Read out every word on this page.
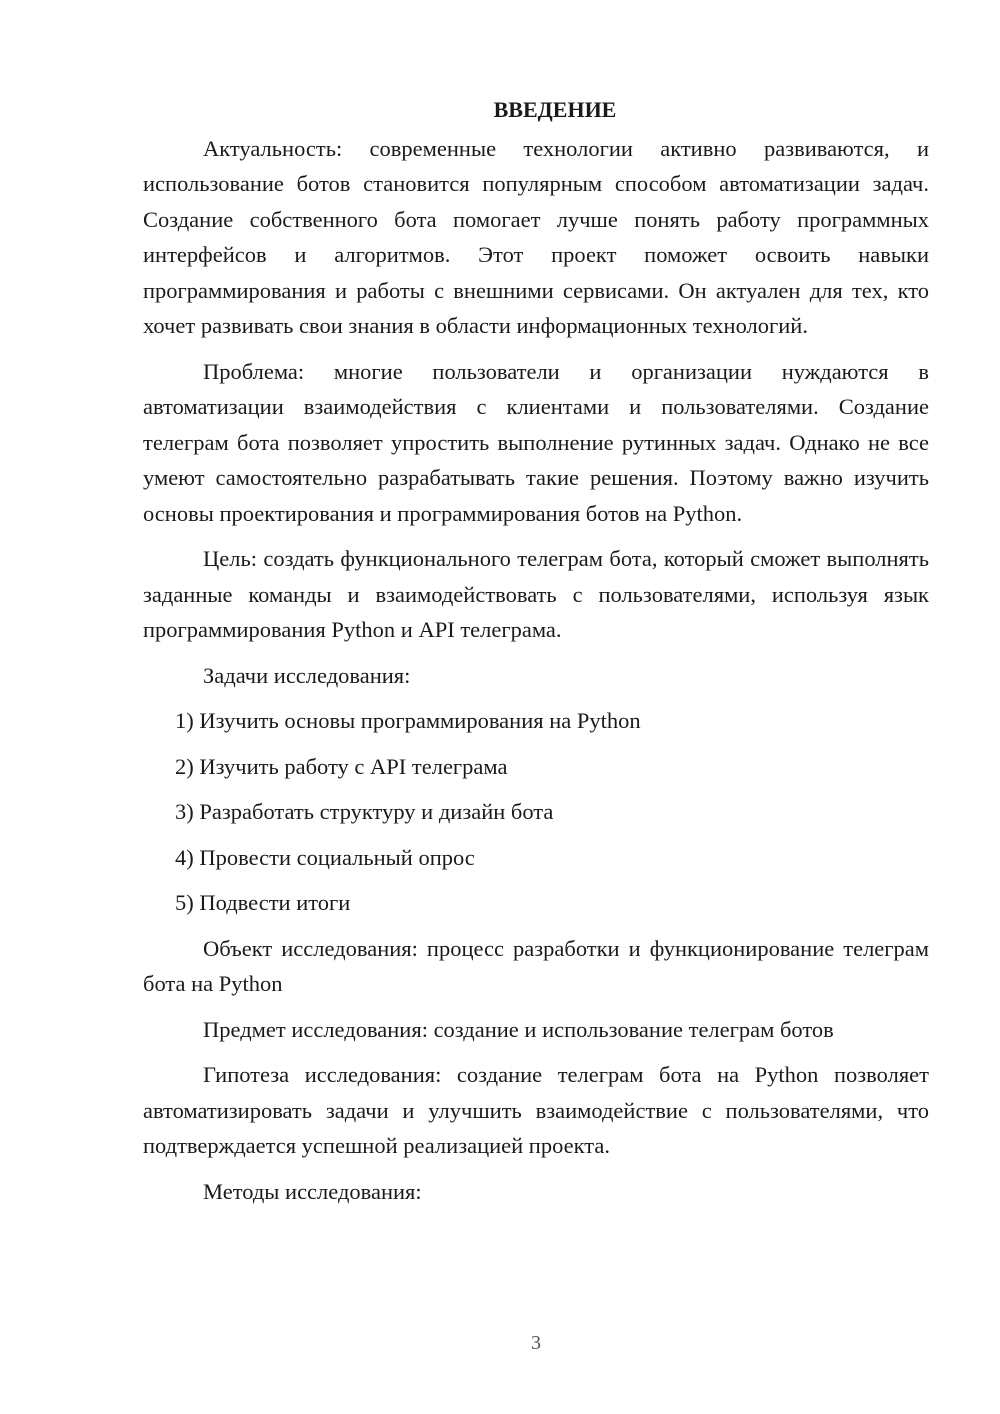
ВВЕДЕНИЕ

Актуальность: современные технологии активно развиваются, и использование ботов становится популярным способом автоматизации задач. Создание собственного бота помогает лучше понять работу программных интерфейсов и алгоритмов. Этот проект поможет освоить навыки программирования и работы с внешними сервисами. Он актуален для тех, кто хочет развивать свои знания в области информационных технологий.

Проблема: многие пользователи и организации нуждаются в автоматизации взаимодействия с клиентами и пользователями. Создание телеграм бота позволяет упростить выполнение рутинных задач. Однако не все умеют самостоятельно разрабатывать такие решения. Поэтому важно изучить основы проектирования и программирования ботов на Python.

Цель: создать функционального телеграм бота, который сможет выполнять заданные команды и взаимодействовать с пользователями, используя язык программирования Python и API телеграма.

Задачи исследования:

1) Изучить основы программирования на Python
2) Изучить работу с API телеграма
3) Разработать структуру и дизайн бота
4) Провести социальный опрос
5) Подвести итоги

Объект исследования: процесс разработки и функционирование телеграм бота на Python

Предмет исследования: создание и использование телеграм ботов

Гипотеза исследования: создание телеграм бота на Python позволяет автоматизировать задачи и улучшить взаимодействие с пользователями, что подтверждается успешной реализацией проекта.

Методы исследования:

3
